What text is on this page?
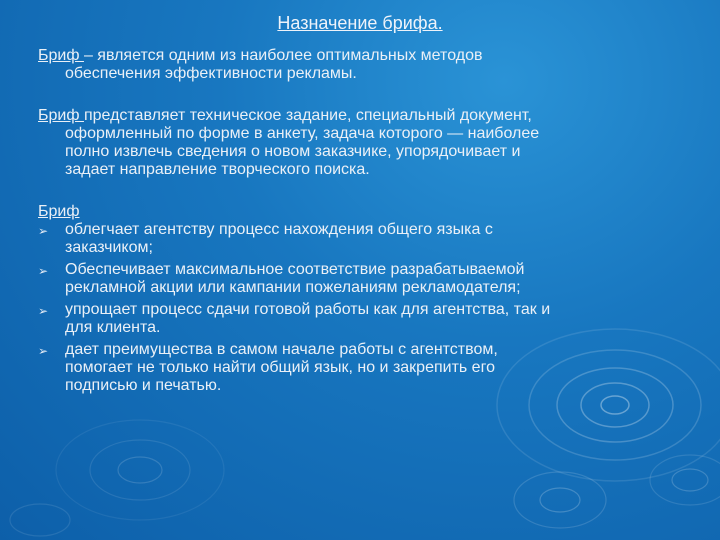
Назначение брифа.

Бриф – является одним из наиболее оптимальных методов
обеспечения эффективности рекламы.

Бриф представляет техническое задание, специальный документ,
оформленный по форме в анкету, задача которого — наиболее
полно извлечь сведения о новом заказчике, упорядочивает и
задает направление творческого поиска.

Бриф

➢ облегчает агентству процесс нахождения общего языка с
заказчиком;
➢ Обеспечивает максимальное соответствие разрабатываемой
рекламной акции или кампании пожеланиям рекламодателя;
➢ упрощает процесс сдачи готовой работы как для агентства, так и
для клиента.
➢ дает преимущества в самом начале работы с агентством,
помогает не только найти общий язык, но и закрепить его
подписью и печатью.
